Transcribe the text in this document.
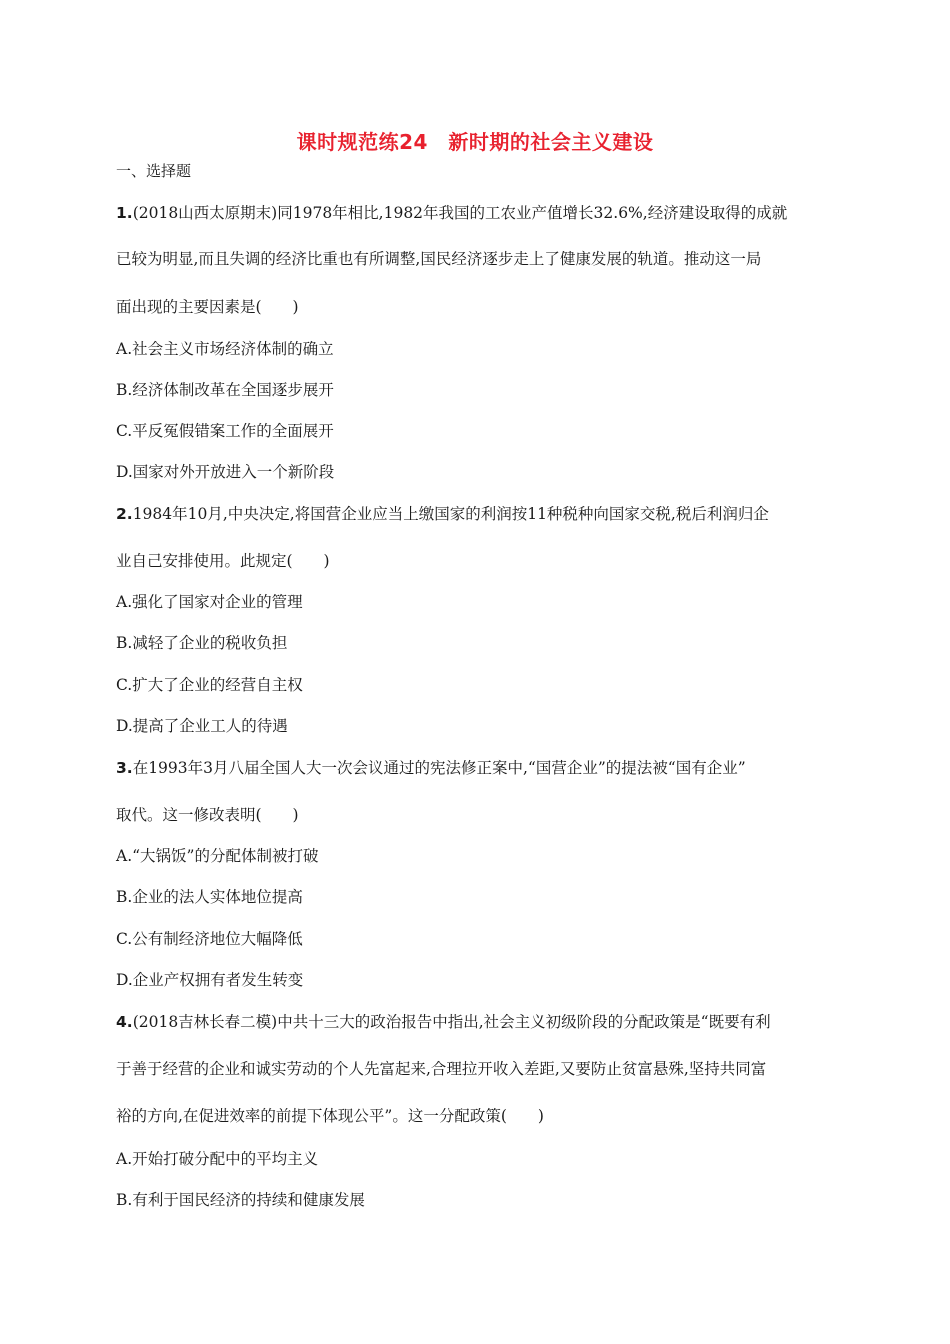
课时规范练24　新时期的社会主义建设
一、选择题
1.(2018山西太原期末)同1978年相比,1982年我国的工农业产值增长32.6%,经济建设取得的成就
已较为明显,而且失调的经济比重也有所调整,国民经济逐步走上了健康发展的轨道。推动这一局
面出现的主要因素是(　　)
A.社会主义市场经济体制的确立
B.经济体制改革在全国逐步展开
C.平反冤假错案工作的全面展开
D.国家对外开放进入一个新阶段
2.1984年10月,中央决定,将国营企业应当上缴国家的利润按11种税种向国家交税,税后利润归企
业自己安排使用。此规定(　　)
A.强化了国家对企业的管理
B.减轻了企业的税收负担
C.扩大了企业的经营自主权
D.提高了企业工人的待遇
3.在1993年3月八届全国人大一次会议通过的宪法修正案中,“国营企业”的提法被“国有企业”
取代。这一修改表明(　　)
A.“大锅饭”的分配体制被打破
B.企业的法人实体地位提高
C.公有制经济地位大幅降低
D.企业产权拥有者发生转变
4.(2018吉林长春二模)中共十三大的政治报告中指出,社会主义初级阶段的分配政策是“既要有利
于善于经营的企业和诚实劳动的个人先富起来,合理拉开收入差距,又要防止贫富悬殊,坚持共同富
裕的方向,在促进效率的前提下体现公平”。这一分配政策(　　)
A.开始打破分配中的平均主义
B.有利于国民经济的持续和健康发展
